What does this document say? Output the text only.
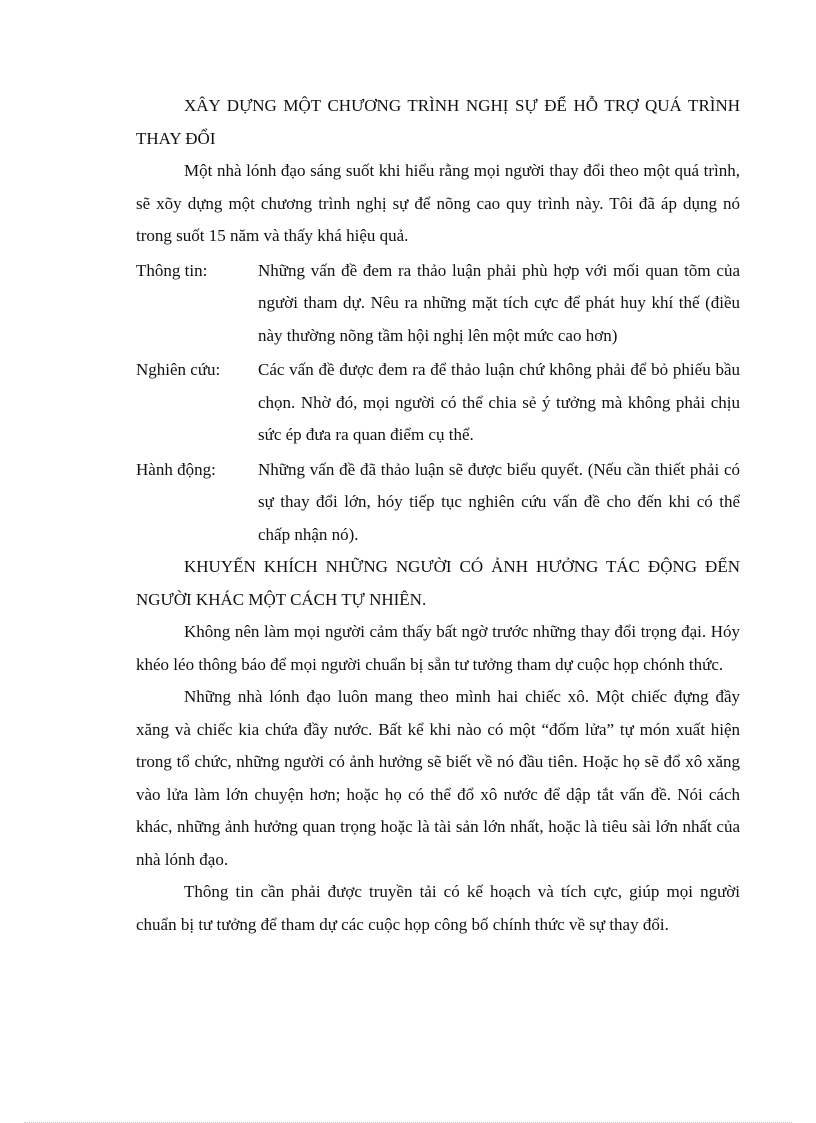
XÂY DỰNG MỘT CHƯƠNG TRÌNH NGHỊ SỰ ĐỂ HỖ TRỢ QUÁ TRÌNH THAY ĐỔI
Một nhà lónh đạo sáng suốt khi hiểu rằng mọi người thay đổi theo một quá trình, sẽ xõy dựng một chương trình nghị sự để nõng cao quy trình này. Tôi đã áp dụng nó trong suốt 15 năm và thấy khá hiệu quả.
Thông tin:	Những vấn đề đem ra thảo luận phải phù hợp với mối quan tõm của người tham dự. Nêu ra những mặt tích cực để phát huy khí thế (điều này thường nõng tầm hội nghị lên một mức cao hơn)
Nghiên cứu:	Các vấn đề được đem ra để thảo luận chứ không phải để bỏ phiếu bầu chọn. Nhờ đó, mọi người có thể chia sẻ ý tưởng mà không phải chịu sức ép đưa ra quan điểm cụ thể.
Hành động:	Những vấn đề đã thảo luận sẽ được biểu quyết. (Nếu cần thiết phải có sự thay đổi lớn, hóy tiếp tục nghiên cứu vấn đề cho đến khi có thể chấp nhận nó).
KHUYẾN KHÍCH NHỮNG NGƯỜI CÓ ẢNH HƯỞNG TÁC ĐỘNG ĐẾN NGƯỜI KHÁC MỘT CÁCH TỰ NHIÊN.
Không nên làm mọi người cảm thấy bất ngờ trước những thay đổi trọng đại. Hóy khéo léo thông báo để mọi người chuẩn bị sẵn tư tưởng tham dự cuộc họp chónh thức.
Những nhà lónh đạo luôn mang theo mình hai chiếc xô. Một chiếc đựng đầy xăng và chiếc kia chứa đầy nước. Bất kể khi nào có một “đốm lửa” tự món xuất hiện trong tổ chức, những người có ảnh hưởng sẽ biết về nó đầu tiên. Hoặc họ sẽ đổ xô xăng vào lửa làm lớn chuyện hơn; hoặc họ có thể đổ xô nước để dập tắt vấn đề. Nói cách khác, những ảnh hưởng quan trọng hoặc là tài sản lớn nhất, hoặc là tiêu sài lớn nhất của nhà lónh đạo.
Thông tin cần phải được truyền tải có kế hoạch và tích cực, giúp mọi người chuẩn bị tư tưởng để tham dự các cuộc họp công bố chính thức về sự thay đổi.
